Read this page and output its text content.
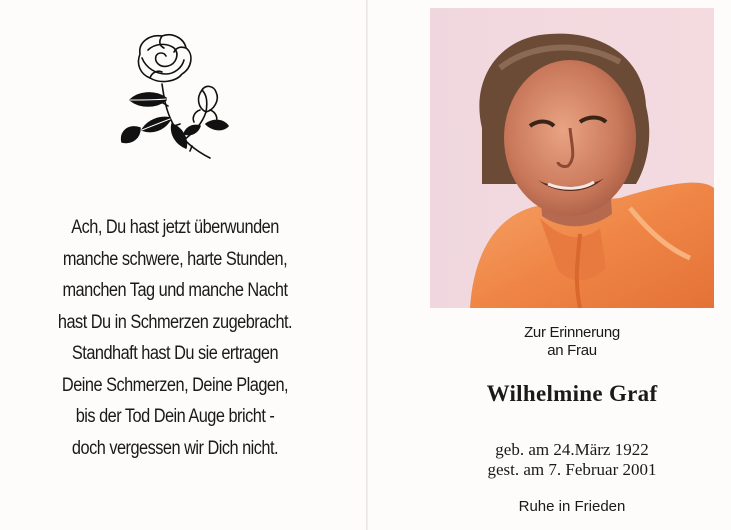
Ach, Du hast jetzt überwunden
manche schwere, harte Stunden,
manchen Tag und manche Nacht
hast Du in Schmerzen zugebracht.
Standhaft hast Du sie ertragen
Deine Schmerzen, Deine Plagen,
bis der Tod Dein Auge bricht -
doch vergessen wir Dich nicht.
Zur Erinnerung
an Frau
Wilhelmine Graf
geb. am 24.März 1922
gest. am 7. Februar 2001
Ruhe in Frieden
